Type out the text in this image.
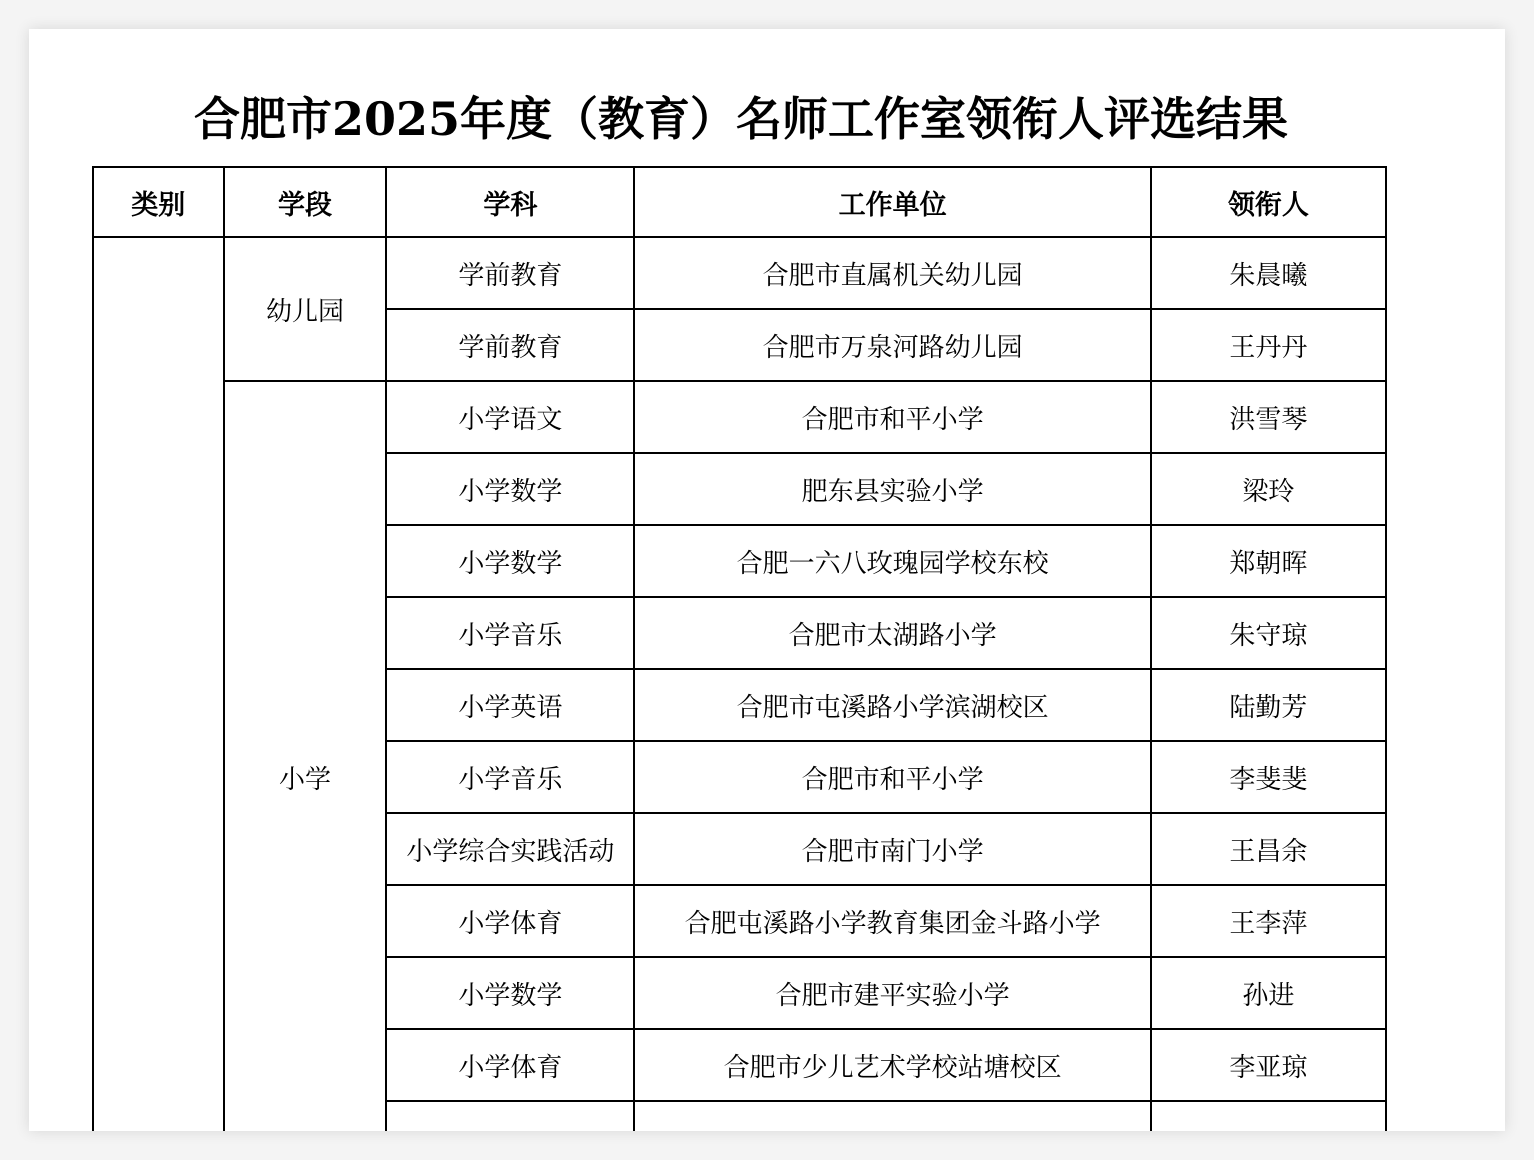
合肥市2025年度（教育）名师工作室领衔人评选结果
类别	学段	学科	工作单位	领衔人
	幼儿园	学前教育	合肥市直属机关幼儿园	朱晨曦
		学前教育	合肥市万泉河路幼儿园	王丹丹
	小学	小学语文	合肥市和平小学	洪雪琴
		小学数学	肥东县实验小学	梁玲
		小学数学	合肥一六八玫瑰园学校东校	郑朝晖
		小学音乐	合肥市太湖路小学	朱守琼
		小学英语	合肥市屯溪路小学滨湖校区	陆勤芳
		小学音乐	合肥市和平小学	李斐斐
		小学综合实践活动	合肥市南门小学	王昌余
		小学体育	合肥屯溪路小学教育集团金斗路小学	王李萍
		小学数学	合肥市建平实验小学	孙进
		小学体育	合肥市少儿艺术学校站塘校区	李亚琼
